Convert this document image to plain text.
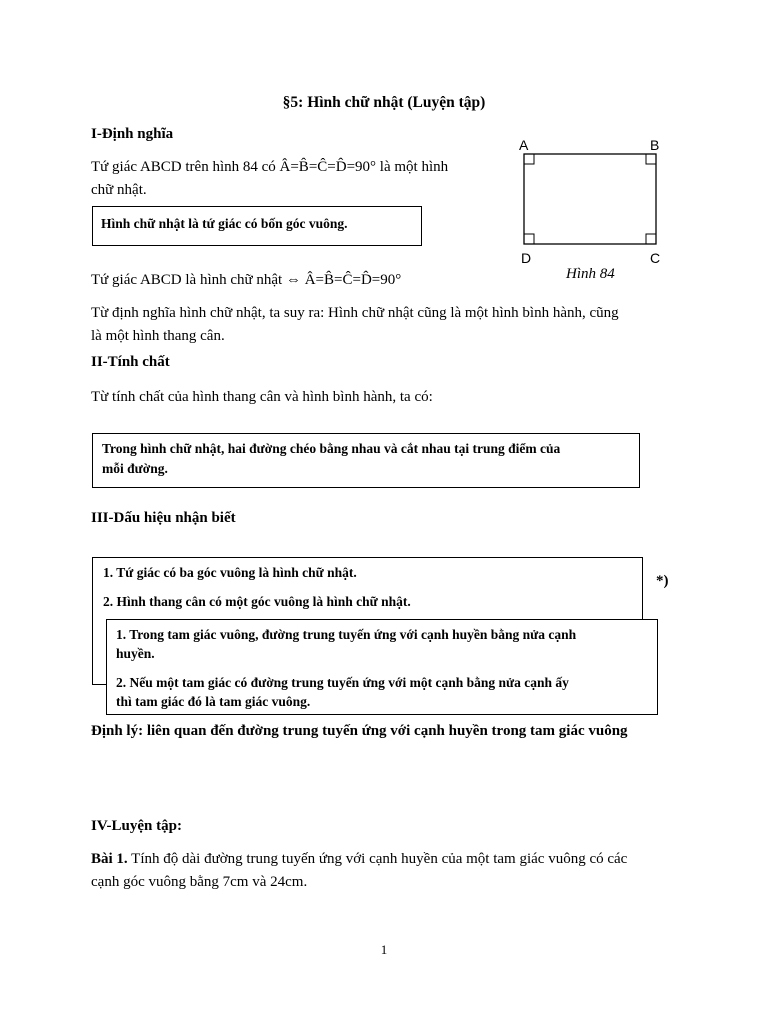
§5: Hình chữ nhật (Luyện tập)
I-Định nghĩa
Tứ giác ABCD trên hình 84 có Â=B̂=Ĉ=D̂=90° là một hình
chữ nhật.
Hình chữ nhật là tứ giác có bốn góc vuông.
A	B
D	C
Hình 84
Tứ giác ABCD là hình chữ nhật ⇔ Â=B̂=Ĉ=D̂=90°
Từ định nghĩa hình chữ nhật, ta suy ra: Hình chữ nhật cũng là một hình bình hành, cũng
là một hình thang cân.
II-Tính chất
Từ tính chất của hình thang cân và hình bình hành, ta có:
Trong hình chữ nhật, hai đường chéo bằng nhau và cắt nhau tại trung điểm của
mỗi đường.
III-Dấu hiệu nhận biết
1. Tứ giác có ba góc vuông là hình chữ nhật.
2. Hình thang cân có một góc vuông là hình chữ nhật.
*)
1. Trong tam giác vuông, đường trung tuyến ứng với cạnh huyền bằng nửa cạnh
huyền.
2. Nếu một tam giác có đường trung tuyến ứng với một cạnh bằng nửa cạnh ấy
thì tam giác đó là tam giác vuông.
Định lý: liên quan đến đường trung tuyến ứng với cạnh huyền trong tam giác vuông
IV-Luyện tập:
Bài 1. Tính độ dài đường trung tuyến ứng với cạnh huyền của một tam giác vuông có các
cạnh góc vuông bằng 7cm và 24cm.
1
